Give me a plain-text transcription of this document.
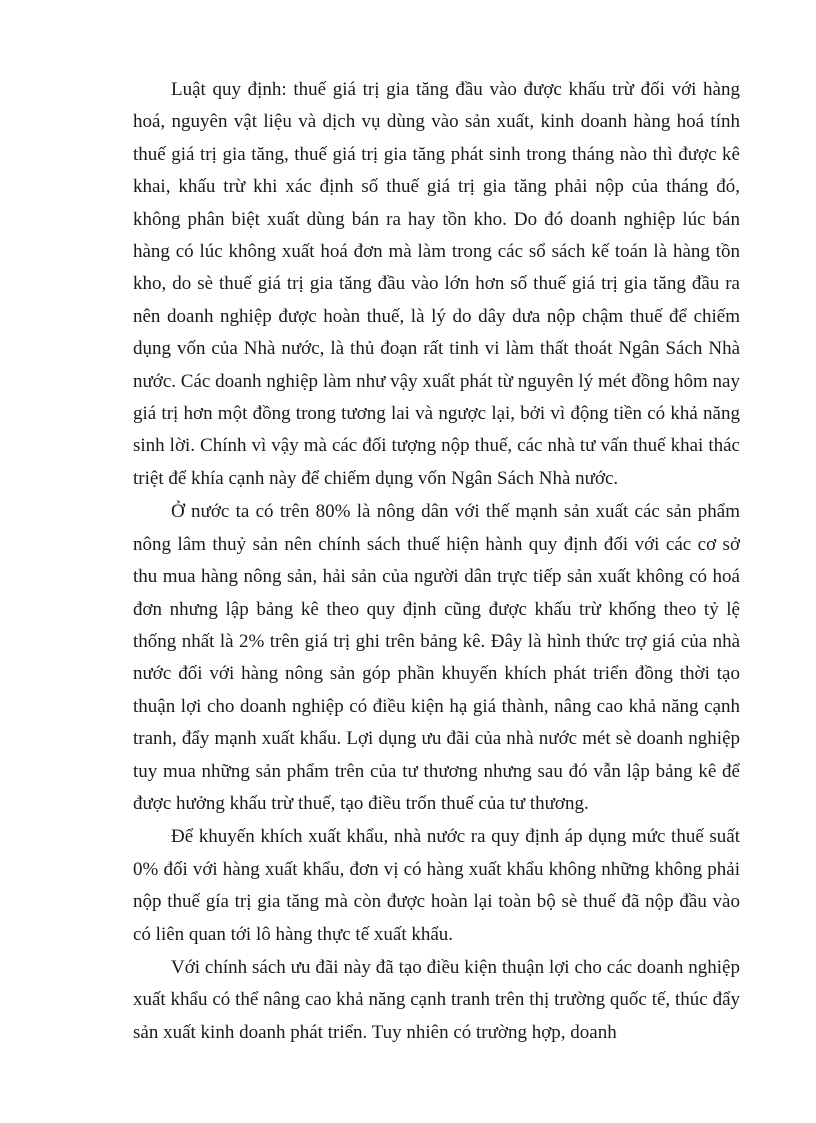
Luật quy định: thuế giá trị gia tăng đầu vào được khấu trừ đối với hàng hoá, nguyên vật liệu và dịch vụ dùng vào sản xuất, kinh doanh hàng hoá tính thuế giá trị gia tăng, thuế giá trị gia tăng phát sinh trong tháng nào thì được kê khai, khấu trừ khi xác định số thuế giá trị gia tăng phải nộp của tháng đó, không phân biệt xuất dùng bán ra hay tồn kho. Do đó doanh nghiệp lúc bán hàng có lúc không xuất hoá đơn mà làm trong các sổ sách kế toán là hàng tồn kho, do sè thuế giá trị gia tăng đầu vào lớn hơn số thuế giá trị gia tăng đầu ra nên doanh nghiệp được hoàn thuế, là lý do dây dưa nộp chậm thuế để chiếm dụng vốn của Nhà nước, là thủ đoạn rất tinh vi làm thất thoát Ngân Sách Nhà nước. Các doanh nghiệp làm như vậy xuất phát từ nguyên lý mét đồng hôm nay giá trị hơn một đồng trong tương lai và ngược lại, bởi vì động tiền có khả năng sinh lời. Chính vì vậy mà các đối tượng nộp thuế, các nhà tư vấn thuế khai thác triệt để khía cạnh này để chiếm dụng vốn Ngân Sách Nhà nước.

Ở nước ta có trên 80% là nông dân với thế mạnh sản xuất các sản phẩm nông lâm thuỷ sản nên chính sách thuế hiện hành quy định đối với các cơ sở thu mua hàng nông sản, hải sản của người dân trực tiếp sản xuất không có hoá đơn nhưng lập bảng kê theo quy định cũng được khấu trừ khống theo tỷ lệ thống nhất là 2% trên giá trị ghi trên bảng kê. Đây là hình thức trợ giá của nhà nước đối với hàng nông sản góp phần khuyến khích phát triển đồng thời tạo thuận lợi cho doanh nghiệp có điều kiện hạ giá thành, nâng cao khả năng cạnh tranh, đẩy mạnh xuất khẩu. Lợi dụng ưu đãi của nhà nước mét sè doanh nghiệp tuy mua những sản phẩm trên của tư thương nhưng sau đó vẫn lập bảng kê để được hưởng khấu trừ thuế, tạo điều trốn thuế của tư thương.

Để khuyến khích xuất khẩu, nhà nước ra quy định áp dụng mức thuế suất 0% đối với hàng xuất khẩu, đơn vị có hàng xuất khẩu không những không phải nộp thuế gía trị gia tăng mà còn được hoàn lại toàn bộ sè thuế đã nộp đầu vào có liên quan tới lô hàng thực tế xuất khẩu.

Với chính sách ưu đãi này đã tạo điều kiện thuận lợi cho các doanh nghiệp xuất khẩu có thể nâng cao khả năng cạnh tranh trên thị trường quốc tế, thúc đẩy sản xuất kinh doanh phát triển. Tuy nhiên có trường hợp, doanh
